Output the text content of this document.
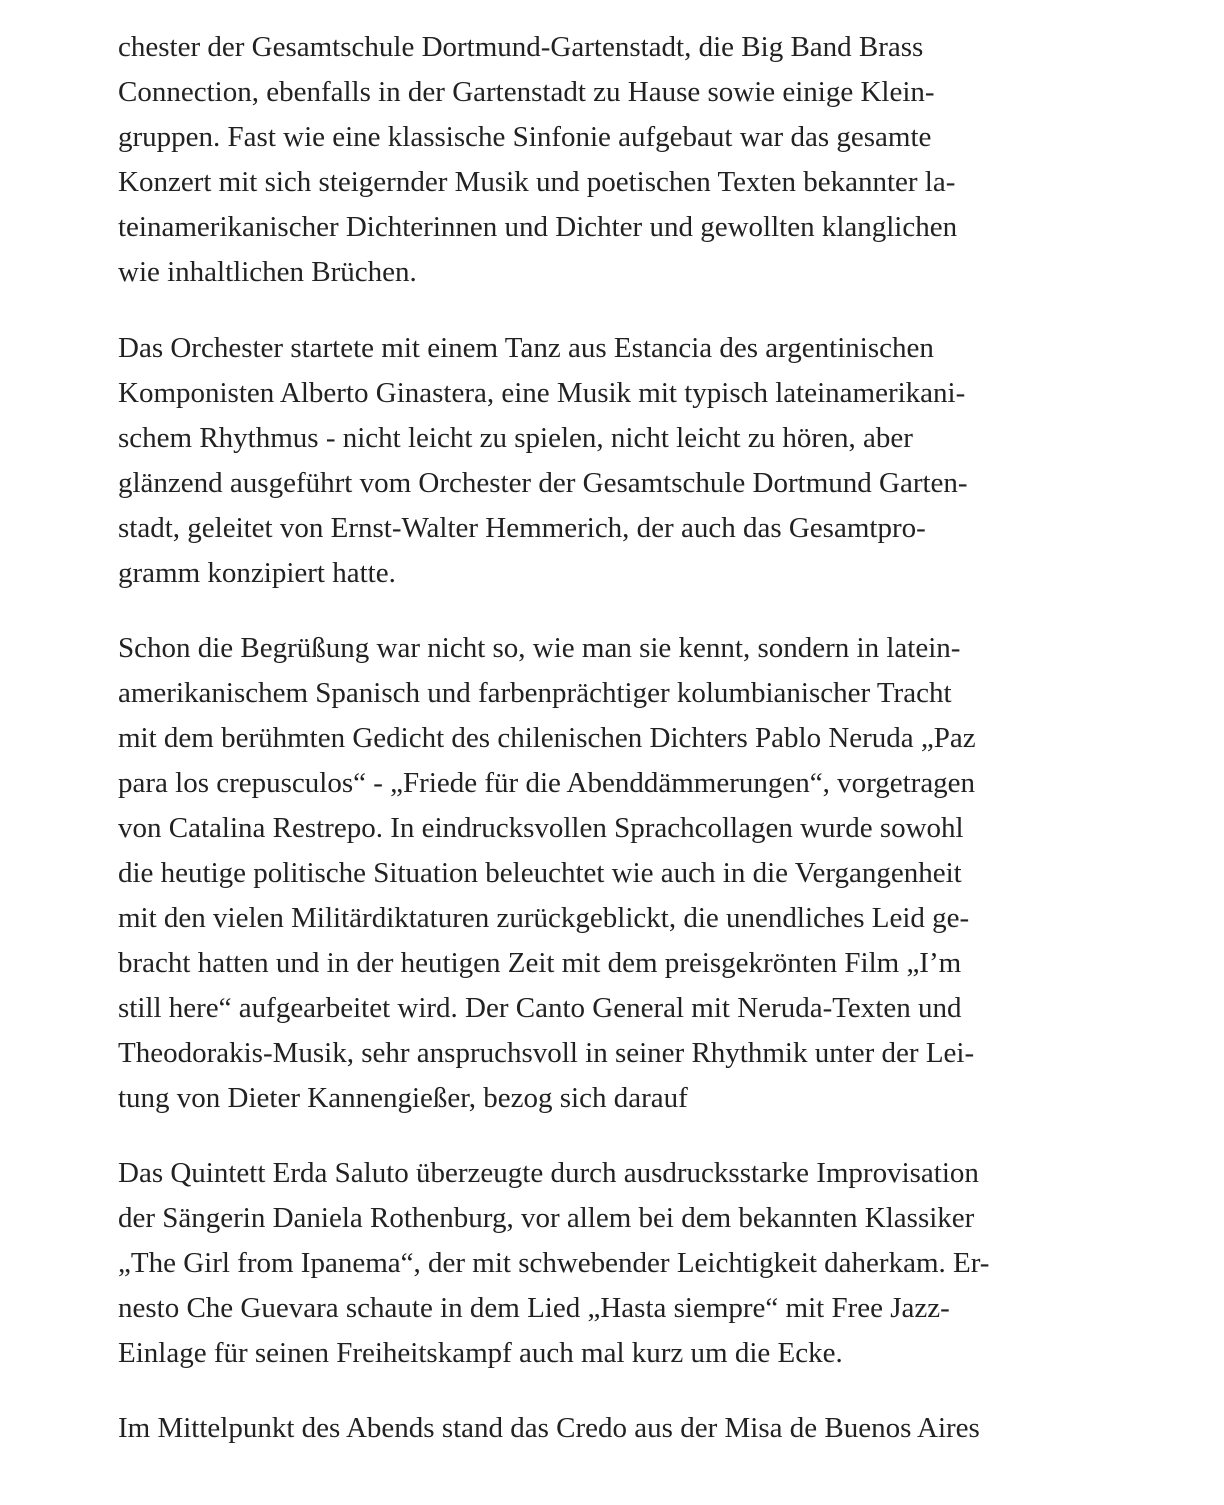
chester der Gesamtschule Dortmund-Gartenstadt, die Big Band Brass
Connection, ebenfalls in der Gartenstadt zu Hause sowie einige Klein-
gruppen. Fast wie eine klassische Sinfonie aufgebaut war das gesamte
Konzert mit sich steigernder Musik und poetischen Texten bekannter la-
teinamerikanischer Dichterinnen und Dichter und gewollten klanglichen
wie inhaltlichen Brüchen.
Das Orchester startete mit einem Tanz aus Estancia des argentinischen
Komponisten Alberto Ginastera, eine Musik mit typisch lateinamerikani-
schem Rhythmus - nicht leicht zu spielen, nicht leicht zu hören, aber
glänzend ausgeführt vom Orchester der Gesamtschule Dortmund Garten-
stadt, geleitet von Ernst-Walter Hemmerich, der auch das Gesamtpro-
gramm konzipiert hatte.
Schon die Begrüßung war nicht so, wie man sie kennt, sondern in latein-
amerikanischem Spanisch und farbenprächtiger kolumbianischer Tracht
mit dem berühmten Gedicht des chilenischen Dichters Pablo Neruda „Paz
para los crepusculos“ - „Friede für die Abenddämmerungen“, vorgetragen
von Catalina Restrepo. In eindrucksvollen Sprachcollagen wurde sowohl
die heutige politische Situation beleuchtet wie auch in die Vergangenheit
mit den vielen Militärdiktaturen zurückgeblickt, die unendliches Leid ge-
bracht hatten und in der heutigen Zeit mit dem preisgekrönten Film „I’m
still here“ aufgearbeitet wird. Der Canto General mit Neruda-Texten und
Theodorakis-Musik, sehr anspruchsvoll in seiner Rhythmik unter der Lei-
tung von Dieter Kannengießer, bezog sich darauf
Das Quintett Erda Saluto überzeugte durch ausdrucksstarke Improvisation
der Sängerin Daniela Rothenburg, vor allem bei dem bekannten Klassiker
„The Girl from Ipanema“, der mit schwebender Leichtigkeit daherkam. Er-
nesto Che Guevara schaute in dem Lied „Hasta siempre“ mit Free Jazz-
Einlage für seinen Freiheitskampf auch mal kurz um die Ecke.
Im Mittelpunkt des Abends stand das Credo aus der Misa de Buenos Aires
